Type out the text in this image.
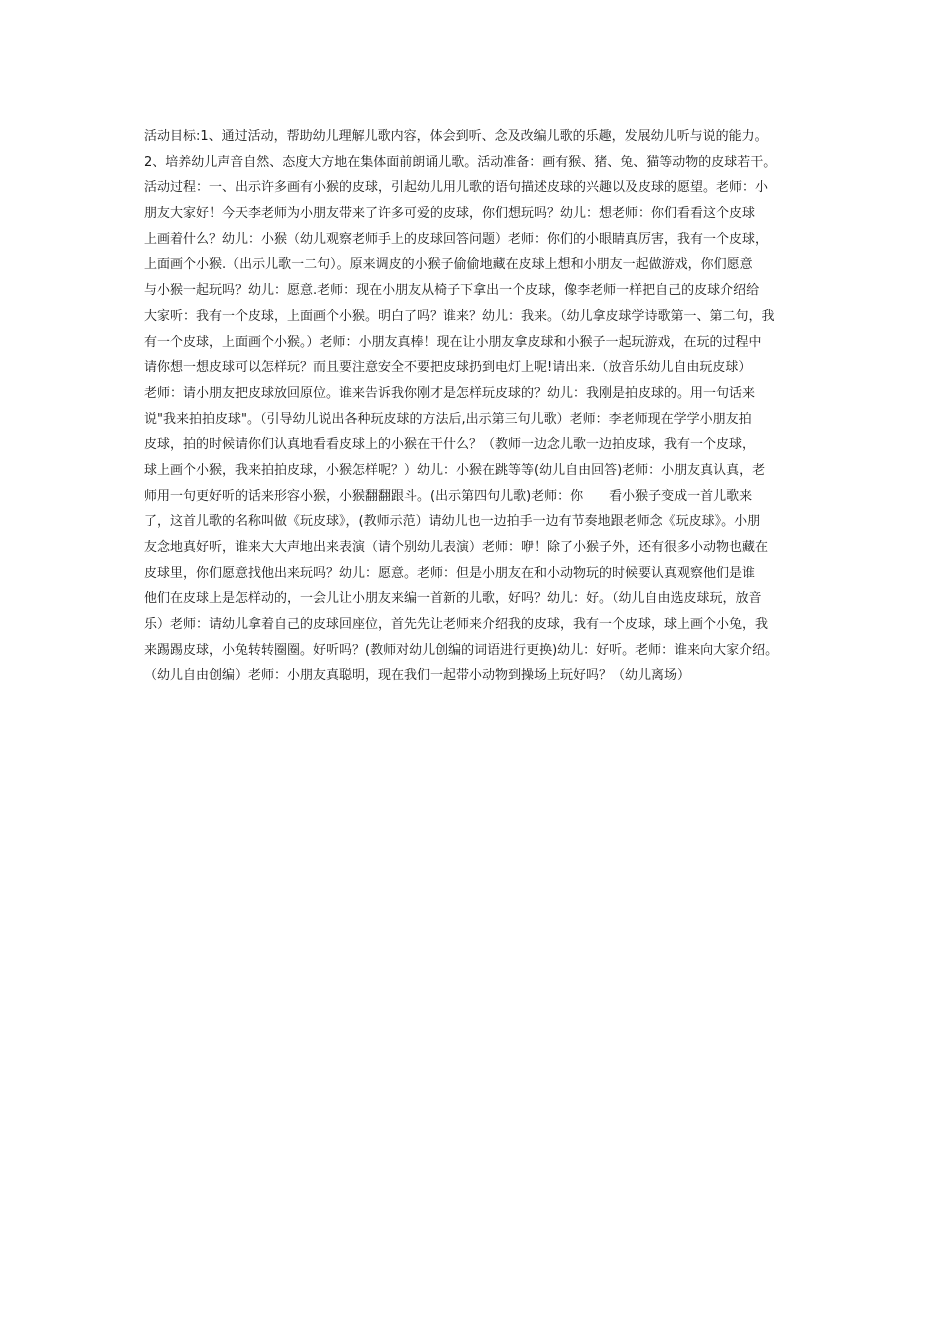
活动目标:1、通过活动，帮助幼儿理解儿歌内容，体会到听、念及改编儿歌的乐趣，发展幼儿听与说的能力。
2、培养幼儿声音自然、态度大方地在集体面前朗诵儿歌。活动准备：画有猴、猪、兔、猫等动物的皮球若干。
活动过程：一、出示许多画有小猴的皮球，引起幼儿用儿歌的语句描述皮球的兴趣以及皮球的愿望。老师：小
朋友大家好！今天李老师为小朋友带来了许多可爱的皮球，你们想玩吗？幼儿：想老师：你们看看这个皮球
上画着什么？幼儿：小猴（幼儿观察老师手上的皮球回答问题）老师：你们的小眼睛真厉害，我有一个皮球，
上面画个小猴.（出示儿歌一二句）。原来调皮的小猴子偷偷地藏在皮球上想和小朋友一起做游戏，你们愿意
与小猴一起玩吗？幼儿：愿意.老师：现在小朋友从椅子下拿出一个皮球，像李老师一样把自己的皮球介绍给
大家听：我有一个皮球，上面画个小猴。明白了吗？谁来？幼儿：我来。（幼儿拿皮球学诗歌第一、第二句，我
有一个皮球，上面画个小猴。）老师：小朋友真棒！现在让小朋友拿皮球和小猴子一起玩游戏，在玩的过程中
请你想一想皮球可以怎样玩？而且要注意安全不要把皮球扔到电灯上呢!请出来.（放音乐幼儿自由玩皮球）
老师：请小朋友把皮球放回原位。谁来告诉我你刚才是怎样玩皮球的？幼儿：我刚是拍皮球的。用一句话来
说"我来拍拍皮球"。（引导幼儿说出各种玩皮球的方法后,出示第三句儿歌）老师：李老师现在学学小朋友拍
皮球，拍的时候请你们认真地看看皮球上的小猴在干什么？（教师一边念儿歌一边拍皮球，我有一个皮球，
球上画个小猴，我来拍拍皮球，小猴怎样呢？）幼儿：小猴在跳等等(幼儿自由回答)老师：小朋友真认真，老
师用一句更好听的话来形容小猴，小猴翻翻跟斗。(出示第四句儿歌)老师：你　　看小猴子变成一首儿歌来
了，这首儿歌的名称叫做《玩皮球》，(教师示范）请幼儿也一边拍手一边有节奏地跟老师念《玩皮球》。小朋
友念地真好听，谁来大大声地出来表演（请个别幼儿表演）老师：咿！除了小猴子外，还有很多小动物也藏在
皮球里，你们愿意找他出来玩吗？幼儿：愿意。老师：但是小朋友在和小动物玩的时候要认真观察他们是谁
他们在皮球上是怎样动的，一会儿让小朋友来编一首新的儿歌，好吗？幼儿：好。（幼儿自由选皮球玩，放音
乐）老师：请幼儿拿着自己的皮球回座位，首先先让老师来介绍我的皮球，我有一个皮球，球上画个小兔，我
来踢踢皮球，小兔转转圈圈。好听吗？(教师对幼儿创编的词语进行更换)幼儿：好听。老师：谁来向大家介绍。
（幼儿自由创编）老师：小朋友真聪明，现在我们一起带小动物到操场上玩好吗？（幼儿离场）
